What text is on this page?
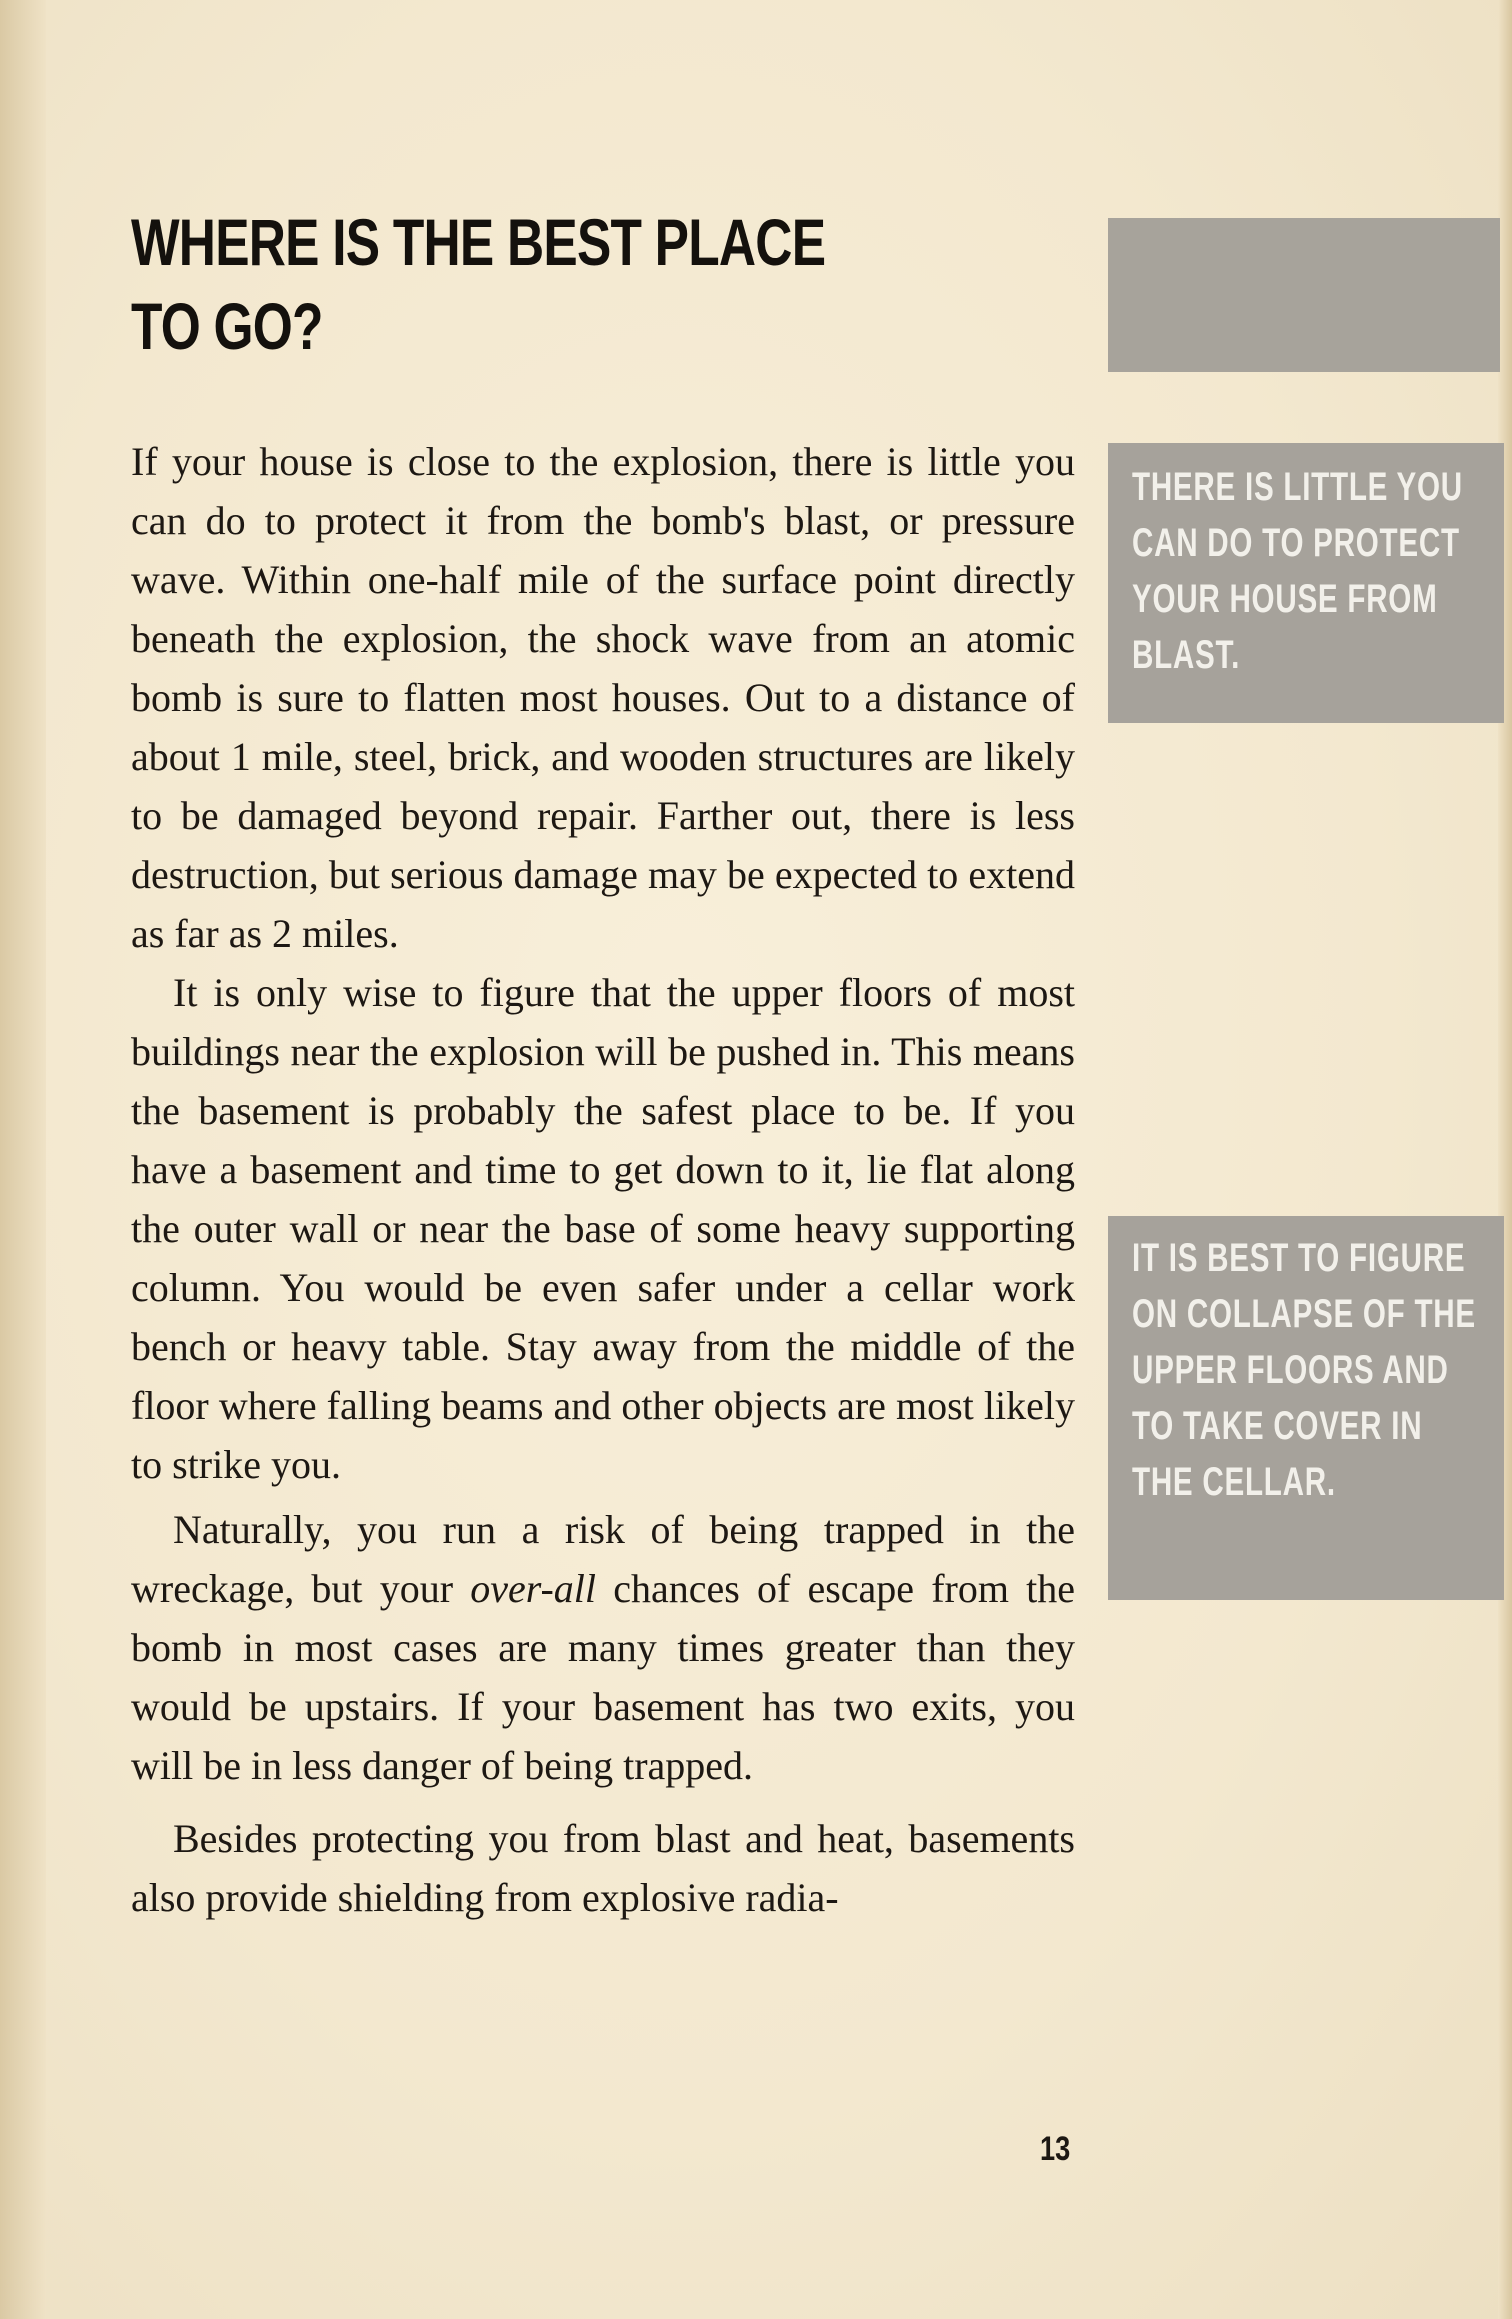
WHERE IS THE BEST PLACE
TO GO?
THERE IS LITTLE YOU CAN DO TO PROTECT YOUR HOUSE FROM BLAST.
IT IS BEST TO FIGURE ON COLLAPSE OF THE UPPER FLOORS AND TO TAKE COVER IN THE CELLAR.

If your house is close to the explosion, there is little you can do to protect it from the bomb's blast, or pressure wave. Within one-half mile of the surface point directly beneath the explosion, the shock wave from an atomic bomb is sure to flatten most houses. Out to a distance of about 1 mile, steel, brick, and wooden structures are likely to be damaged beyond repair. Farther out, there is less destruction, but serious damage may be expected to extend as far as 2 miles.

It is only wise to figure that the upper floors of most buildings near the explosion will be pushed in. This means the basement is probably the safest place to be. If you have a basement and time to get down to it, lie flat along the outer wall or near the base of some heavy supporting column. You would be even safer under a cellar work bench or heavy table. Stay away from the middle of the floor where falling beams and other objects are most likely to strike you.

Naturally, you run a risk of being trapped in the wreckage, but your over-all chances of escape from the bomb in most cases are many times greater than they would be upstairs. If your basement has two exits, you will be in less danger of being trapped.

Besides protecting you from blast and heat, basements also provide shielding from explosive radia-

13
